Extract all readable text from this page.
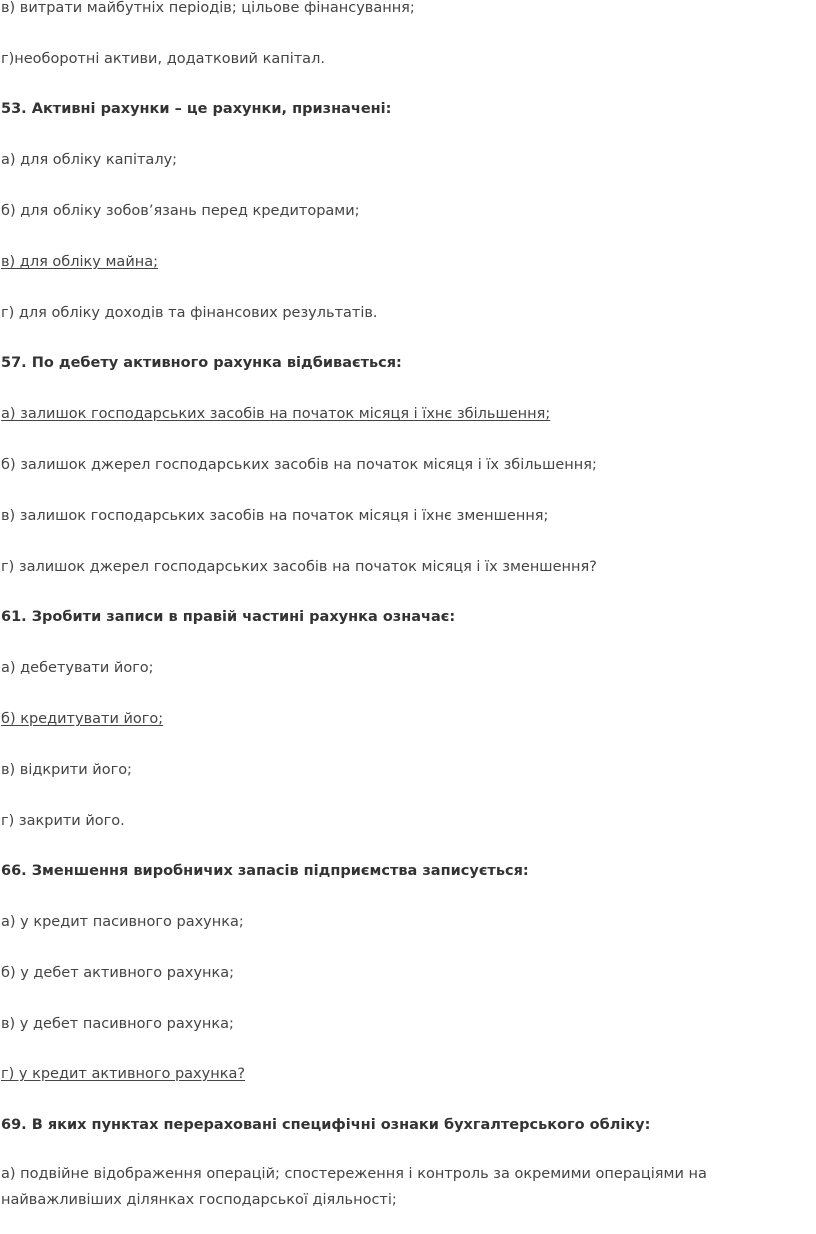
в) витрати майбутніх періодів; цільове фінансування;
г)необоротні активи, додатковий капітал.
53. Активні рахунки – це рахунки, призначені:
а) для обліку капіталу;
б) для обліку зобов’язань перед кредиторами;
в) для обліку майна;
г) для обліку доходів та фінансових результатів.
57. По дебету активного рахунка відбивається:
а) залишок господарських засобів на початок місяця і їхнє збільшення;
б) залишок джерел господарських засобів на початок місяця і їх збільшення;
в) залишок господарських засобів на початок місяця і їхнє зменшення;
г) залишок джерел господарських засобів на початок місяця і їх зменшення?
61. Зробити записи в правій частині рахунка означає:
а) дебетувати його;
б) кредитувати його;
в) відкрити його;
г) закрити його.
66. Зменшення виробничих запасів підприємства записується:
а) у кредит пасивного рахунка;
б) у дебет активного рахунка;
в) у дебет пасивного рахунка;
г) у кредит активного рахунка?
69. В яких пунктах перераховані специфічні ознаки бухгалтерського обліку:
а) подвійне відображення операцій; спостереження і контроль за окремими операціями на найважливіших ділянках господарської діяльності;
